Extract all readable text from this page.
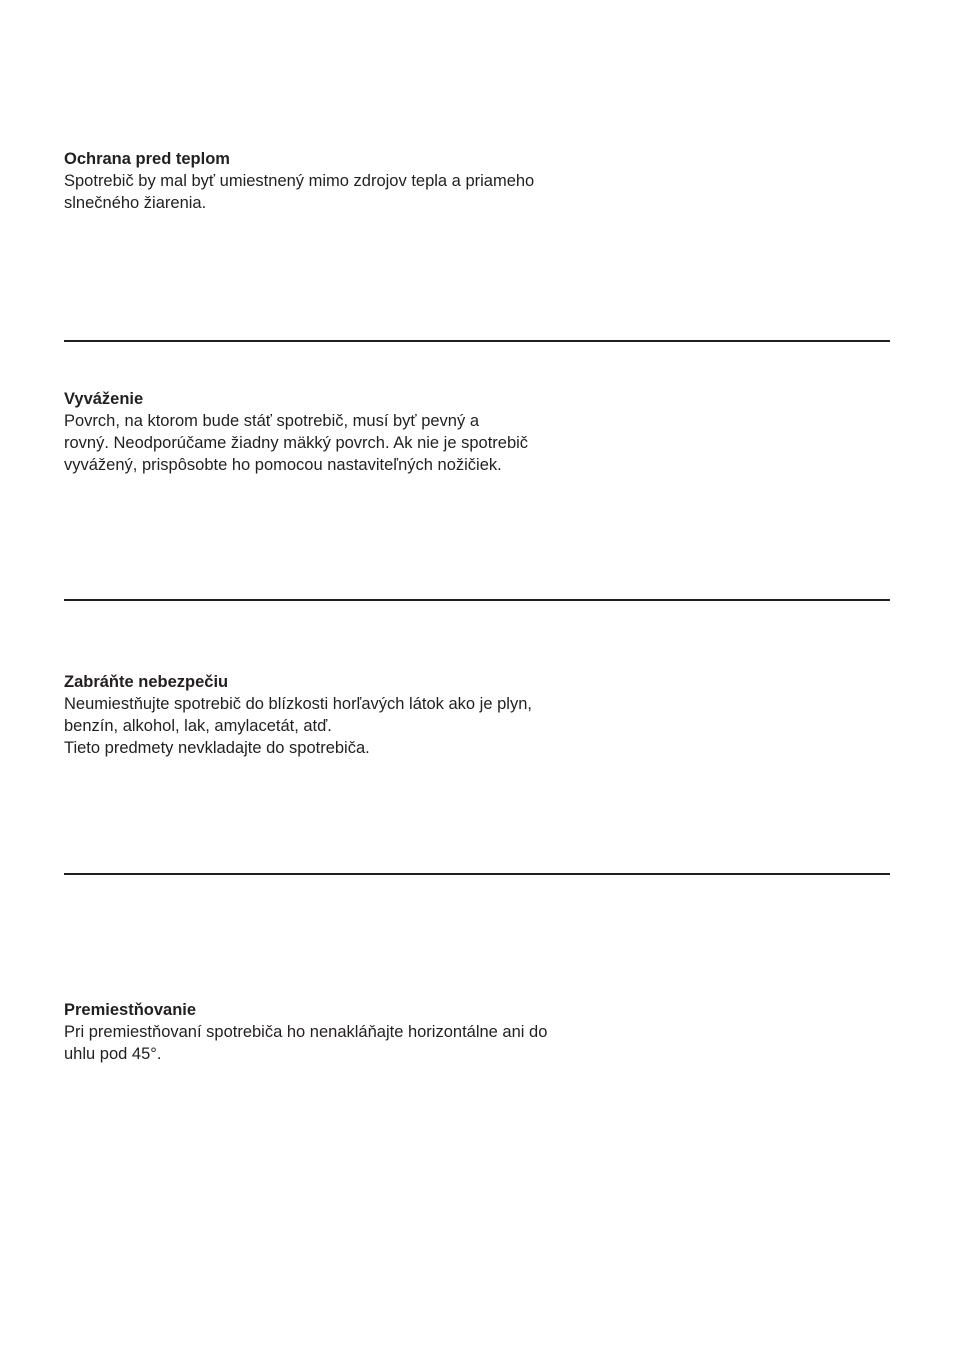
Ochrana pred teplom

Spotrebič by mal byť umiestnený mimo zdrojov tepla a priameho

slnečného žiarenia.

Vyváženie

Povrch, na ktorom bude stáť spotrebič, musí byť pevný a

rovný. Neodporúčame žiadny mäkký povrch. Ak nie je spotrebič

vyvážený, prispôsobte ho pomocou nastaviteľných nožičiek.

Zabráňte nebezpečiu

Neumiestňujte spotrebič do blízkosti horľavých látok ako je plyn,

benzín, alkohol, lak, amylacetát, atď.

Tieto predmety nevkladajte do spotrebiča.

Premiestňovanie

Pri premiestňovaní spotrebiča ho nenakláňajte horizontálne ani do

uhlu pod 45°.
